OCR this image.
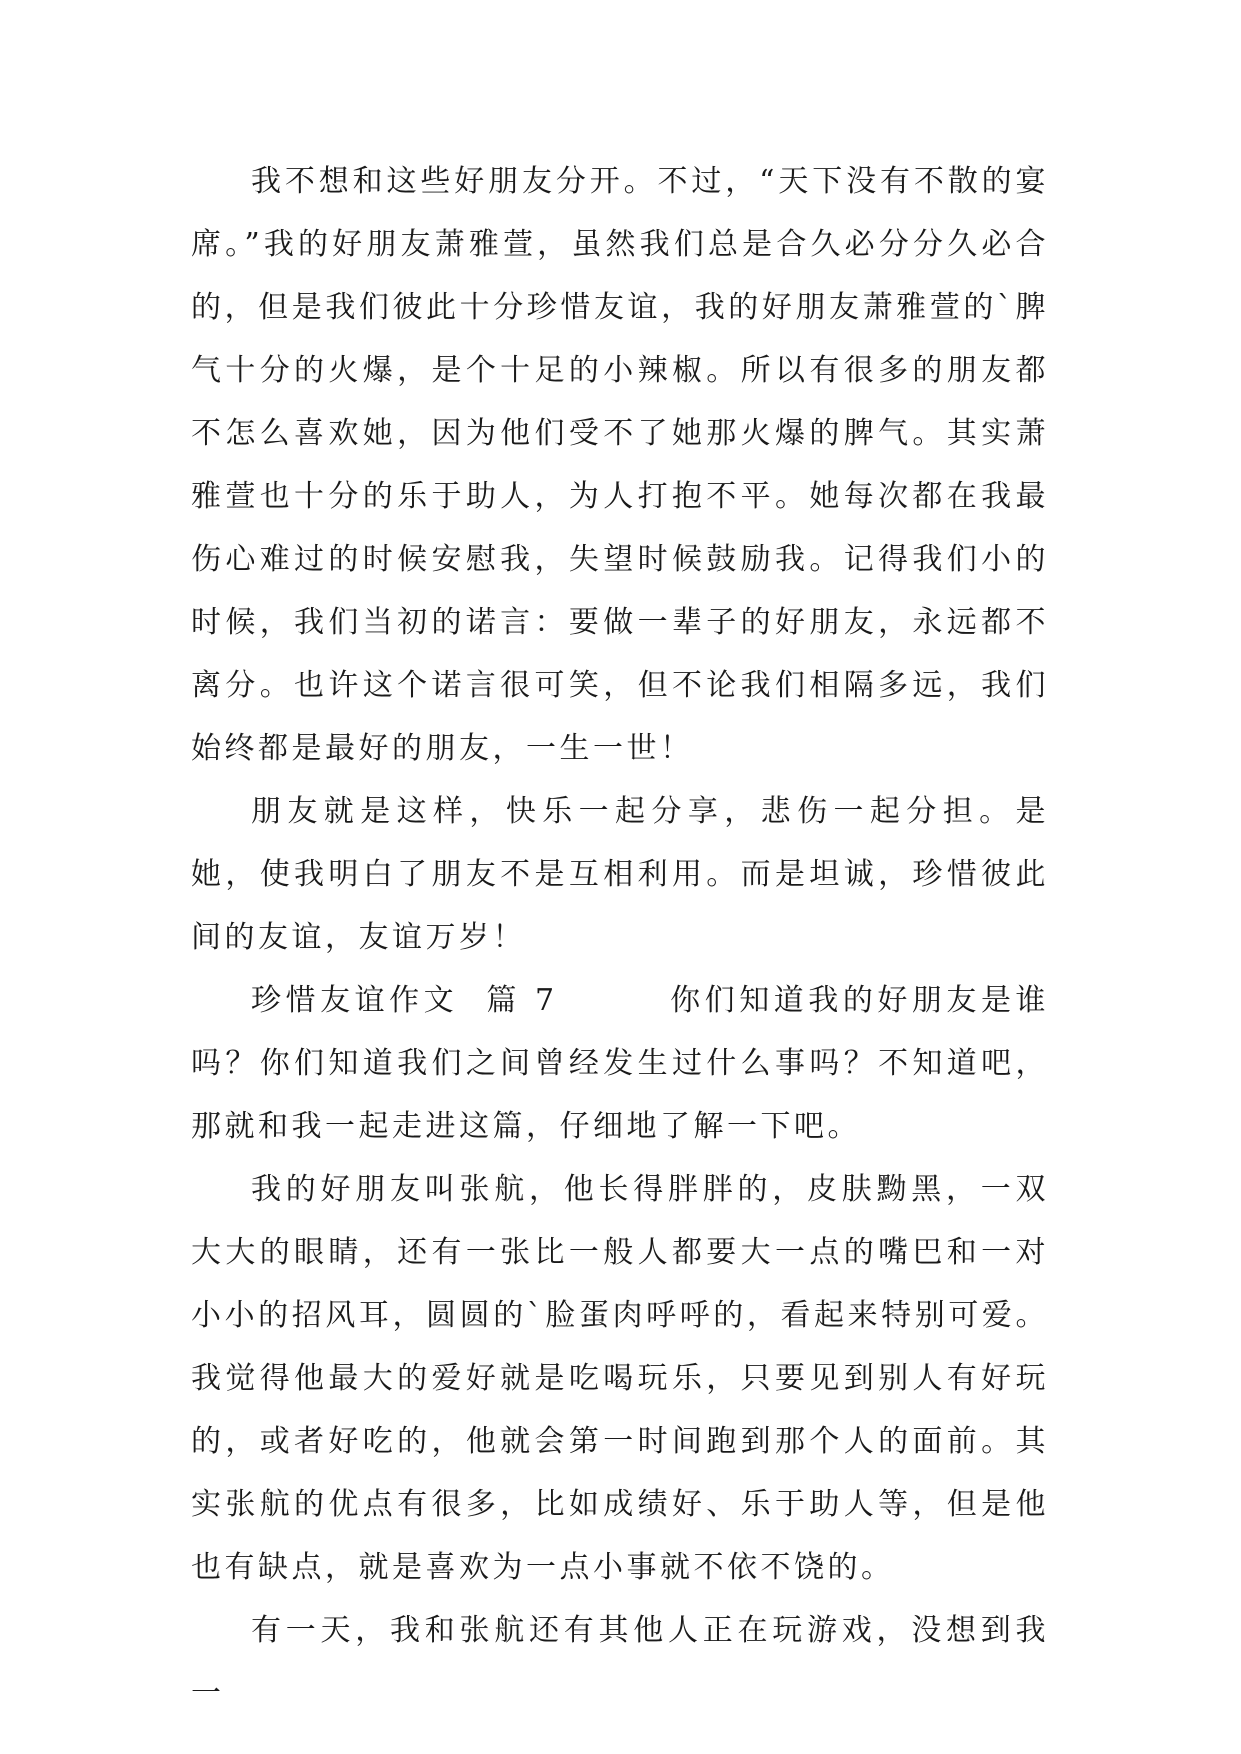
我不想和这些好朋友分开。不过，“天下没有不散的宴席。”我的好朋友萧雅萱，虽然我们总是合久必分分久必合的，但是我们彼此十分珍惜友谊，我的好朋友萧雅萱的`脾气十分的火爆，是个十足的小辣椒。所以有很多的朋友都不怎么喜欢她，因为他们受不了她那火爆的脾气。其实萧雅萱也十分的乐于助人，为人打抱不平。她每次都在我最伤心难过的时候安慰我，失望时候鼓励我。记得我们小的时候，我们当初的诺言：要做一辈子的好朋友，永远都不离分。也许这个诺言很可笑，但不论我们相隔多远，我们始终都是最好的朋友，一生一世！

朋友就是这样，快乐一起分享，悲伤一起分担。是她，使我明白了朋友不是互相利用。而是坦诚，珍惜彼此间的友谊，友谊万岁！

珍惜友谊作文  篇 7        你们知道我的好朋友是谁吗？你们知道我们之间曾经发生过什么事吗？不知道吧，那就和我一起走进这篇，仔细地了解一下吧。

我的好朋友叫张航，他长得胖胖的，皮肤黝黑，一双大大的眼睛，还有一张比一般人都要大一点的嘴巴和一对小小的招风耳，圆圆的`脸蛋肉呼呼的，看起来特别可爱。我觉得他最大的爱好就是吃喝玩乐，只要见到别人有好玩的，或者好吃的，他就会第一时间跑到那个人的面前。其实张航的优点有很多，比如成绩好、乐于助人等，但是他也有缺点，就是喜欢为一点小事就不依不饶的。

有一天，我和张航还有其他人正在玩游戏，没想到我一
